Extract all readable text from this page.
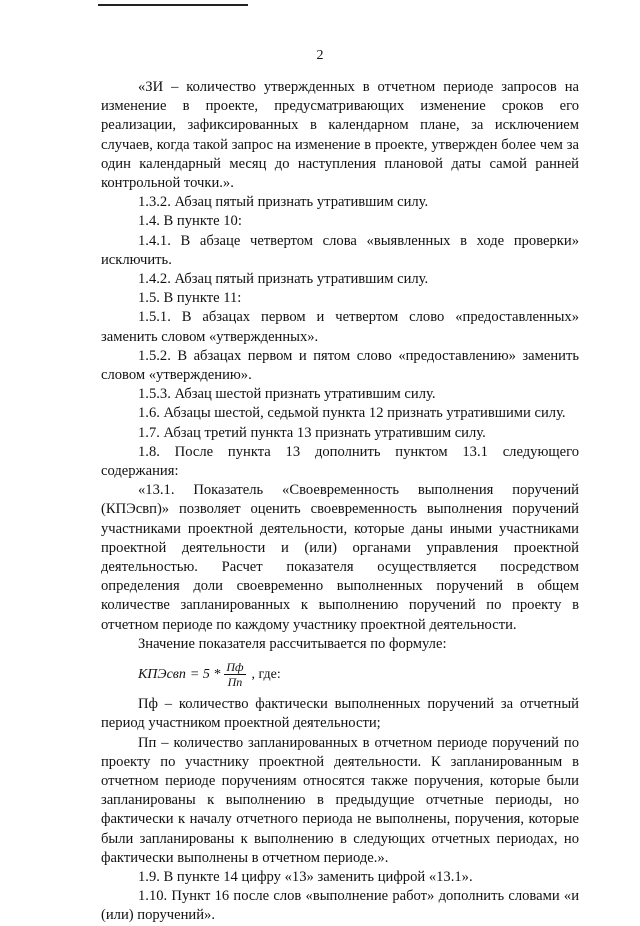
2

«ЗИ – количество утвержденных в отчетном периоде запросов на изменение в проекте, предусматривающих изменение сроков его реализации, зафиксированных в календарном плане, за исключением случаев, когда такой запрос на изменение в проекте, утвержден более чем за один календарный месяц до наступления плановой даты самой ранней контрольной точки.».

1.3.2. Абзац пятый признать утратившим силу.

1.4. В пункте 10:

1.4.1. В абзаце четвертом слова «выявленных в ходе проверки» исключить.

1.4.2. Абзац пятый признать утратившим силу.

1.5. В пункте 11:

1.5.1. В абзацах первом и четвертом слово «предоставленных» заменить словом «утвержденных».

1.5.2. В абзацах первом и пятом слово «предоставлению» заменить словом «утверждению».

1.5.3. Абзац шестой признать утратившим силу.

1.6. Абзацы шестой, седьмой пункта 12 признать утратившими силу.

1.7. Абзац третий пункта 13 признать утратившим силу.

1.8. После пункта 13 дополнить пунктом 13.1 следующего содержания:

«13.1. Показатель «Своевременность выполнения поручений (КПЭсвп)» позволяет оценить своевременность выполнения поручений участниками проектной деятельности, которые даны иными участниками проектной деятельности и (или) органами управления проектной деятельностью. Расчет показателя осуществляется посредством определения доли своевременно выполненных поручений в общем количестве запланированных к выполнению поручений по проекту в отчетном периоде по каждому участнику проектной деятельности.

Значение показателя рассчитывается по формуле:

КПЭсвп = $5 * \frac{Пф}{Пп}$ , где:

Пф – количество фактически выполненных поручений за отчетный период участником проектной деятельности;

Пп – количество запланированных в отчетном периоде поручений по проекту по участнику проектной деятельности. К запланированным в отчетном периоде поручениям относятся также поручения, которые были запланированы к выполнению в предыдущие отчетные периоды, но фактически к началу отчетного периода не выполнены, поручения, которые были запланированы к выполнению в следующих отчетных периодах, но фактически выполнены в отчетном периоде.».

1.9. В пункте 14 цифру «13» заменить цифрой «13.1».

1.10. Пункт 16 после слов «выполнение работ» дополнить словами «и (или) поручений».
